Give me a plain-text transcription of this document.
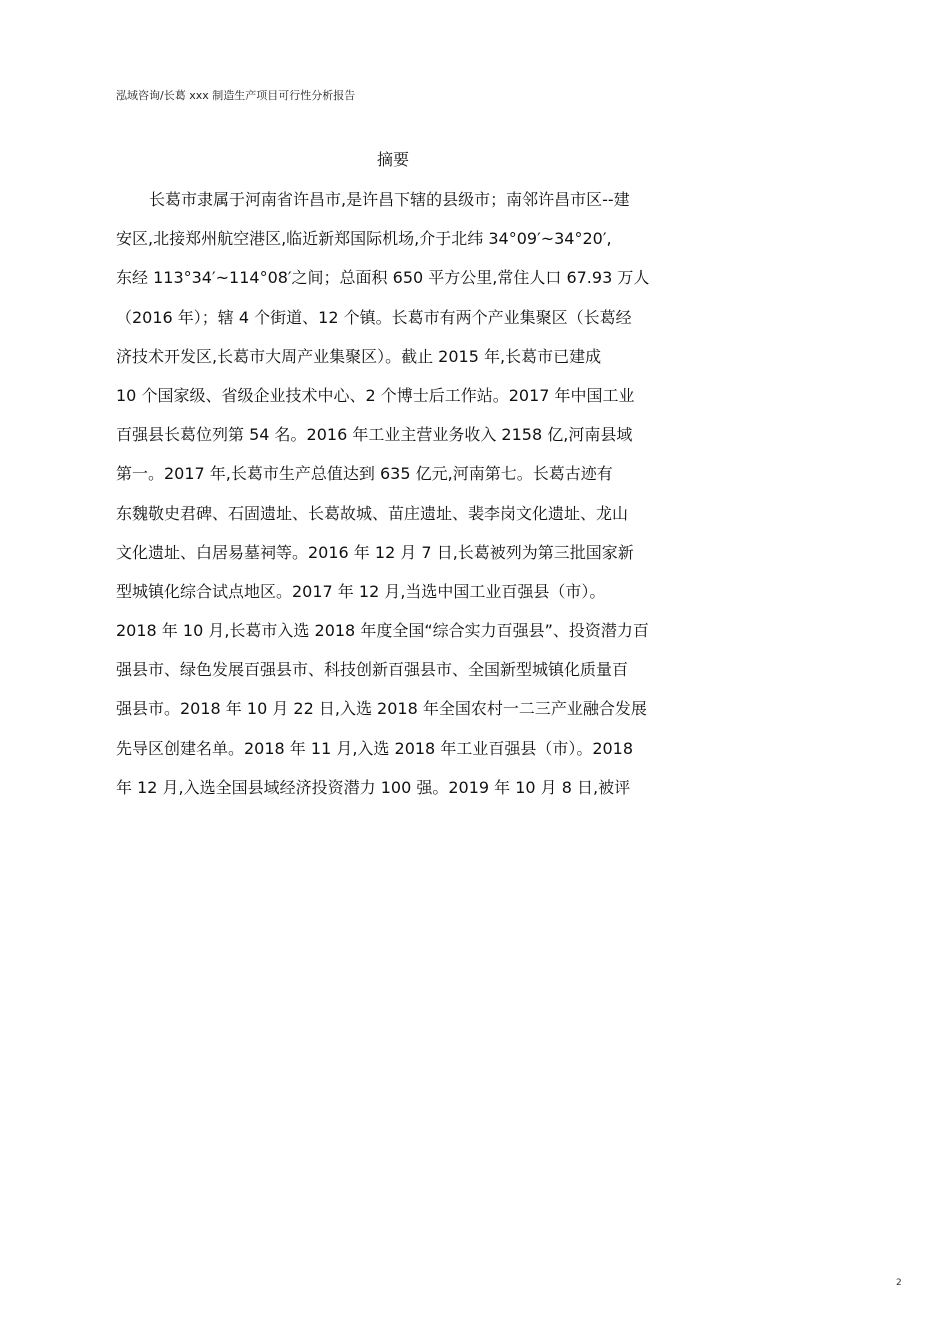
泓域咨询/长葛 xxx 制造生产项目可行性分析报告
摘要
长葛市隶属于河南省许昌市,是许昌下辖的县级市；南邻许昌市区--建
安区,北接郑州航空港区,临近新郑国际机场,介于北纬 34°09′~34°20′,
东经 113°34′~114°08′之间；总面积 650 平方公里,常住人口 67.93 万人
（2016 年）；辖 4 个街道、12 个镇。长葛市有两个产业集聚区（长葛经
济技术开发区,长葛市大周产业集聚区）。截止 2015 年,长葛市已建成
10 个国家级、省级企业技术中心、2 个博士后工作站。2017 年中国工业
百强县长葛位列第 54 名。2016 年工业主营业务收入 2158 亿,河南县域
第一。2017 年,长葛市生产总值达到 635 亿元,河南第七。长葛古迹有
东魏敬史君碑、石固遗址、长葛故城、苗庄遗址、裴李岗文化遗址、龙山
文化遗址、白居易墓祠等。2016 年 12 月 7 日,长葛被列为第三批国家新
型城镇化综合试点地区。2017 年 12 月,当选中国工业百强县（市）。
2018 年 10 月,长葛市入选 2018 年度全国“综合实力百强县”、投资潜力百
强县市、绿色发展百强县市、科技创新百强县市、全国新型城镇化质量百
强县市。2018 年 10 月 22 日,入选 2018 年全国农村一二三产业融合发展
先导区创建名单。2018 年 11 月,入选 2018 年工业百强县（市）。2018
年 12 月,入选全国县域经济投资潜力 100 强。2019 年 10 月 8 日,被评
2
